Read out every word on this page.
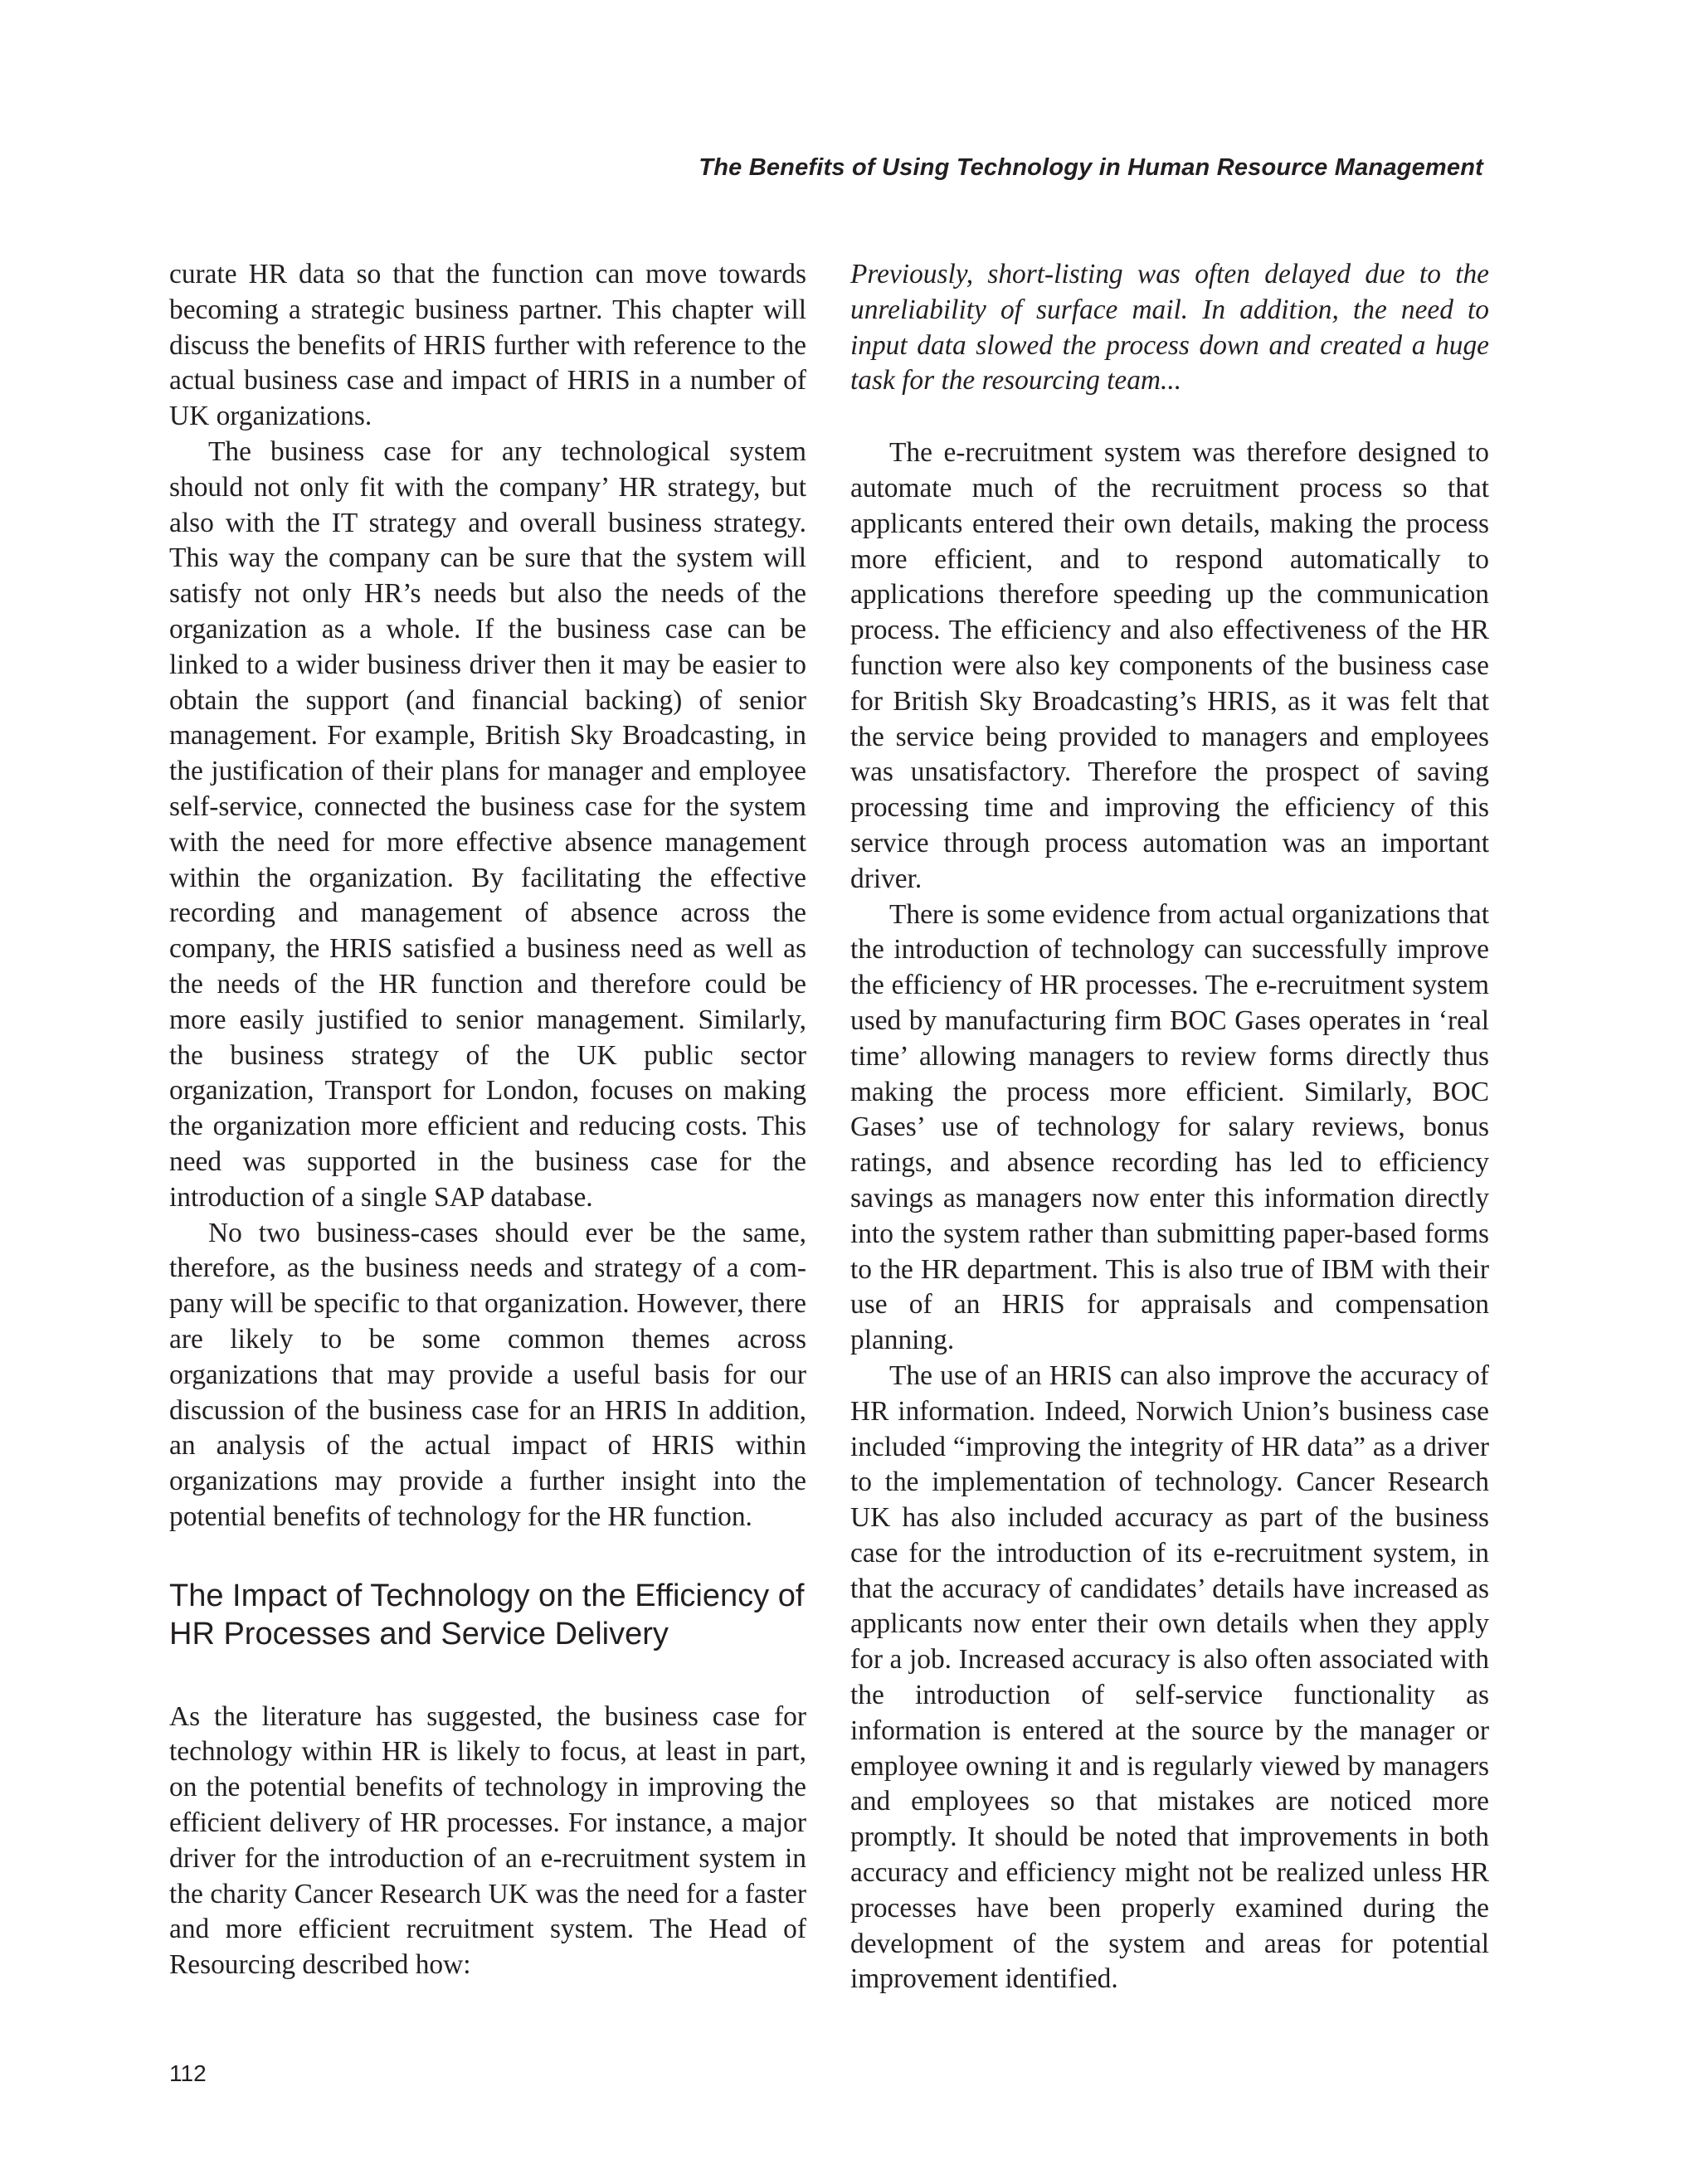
The Benefits of Using Technology in Human Resource Management

curate HR data so that the function can move towards becoming a strategic business partner. This chapter will discuss the benefits of HRIS further with reference to the actual business case and impact of HRIS in a number of UK organizations.

The business case for any technological system should not only fit with the company’ HR strategy, but also with the IT strategy and overall business strategy. This way the company can be sure that the system will satisfy not only HR’s needs but also the needs of the organization as a whole. If the business case can be linked to a wider business driver then it may be easier to obtain the support (and financial backing) of senior management. For example, British Sky Broadcasting, in the justification of their plans for manager and employee self-service, connected the business case for the system with the need for more effective absence management within the organization. By facilitating the effective recording and management of absence across the company, the HRIS satisfied a business need as well as the needs of the HR function and therefore could be more easily justified to senior management. Similarly, the business strategy of the UK public sector organization, Transport for London, focuses on making the organization more efficient and reducing costs. This need was supported in the business case for the introduction of a single SAP database.

No two business-cases should ever be the same, therefore, as the business needs and strategy of a company will be specific to that organization. However, there are likely to be some common themes across organizations that may provide a useful basis for our discussion of the business case for an HRIS In addition, an analysis of the actual impact of HRIS within organizations may provide a further insight into the potential benefits of technology for the HR function.

The Impact of Technology on the Efficiency of HR Processes and Service Delivery

As the literature has suggested, the business case for technology within HR is likely to focus, at least in part, on the potential benefits of technology in improving the efficient delivery of HR processes. For instance, a major driver for the introduction of an e-recruitment system in the charity Cancer Research UK was the need for a faster and more efficient recruitment system. The Head of Resourcing described how:

Previously, short-listing was often delayed due to the unreliability of surface mail. In addition, the need to input data slowed the process down and created a huge task for the resourcing team...

The e-recruitment system was therefore designed to automate much of the recruitment process so that applicants entered their own details, making the process more efficient, and to respond automatically to applications therefore speeding up the communication process. The efficiency and also effectiveness of the HR function were also key components of the business case for British Sky Broadcasting’s HRIS, as it was felt that the service being provided to managers and employees was unsatisfactory. Therefore the prospect of saving processing time and improving the efficiency of this service through process automation was an important driver.

There is some evidence from actual organizations that the introduction of technology can successfully improve the efficiency of HR processes. The e-recruitment system used by manufacturing firm BOC Gases operates in ‘real time’ allowing managers to review forms directly thus making the process more efficient. Similarly, BOC Gases’ use of technology for salary reviews, bonus ratings, and absence recording has led to efficiency savings as managers now enter this information directly into the system rather than submitting paper-based forms to the HR department. This is also true of IBM with their use of an HRIS for appraisals and compensation planning.

The use of an HRIS can also improve the accuracy of HR information. Indeed, Norwich Union’s business case included “improving the integrity of HR data” as a driver to the implementation of technology. Cancer Research UK has also included accuracy as part of the business case for the introduction of its e-recruitment system, in that the accuracy of candidates’ details have increased as applicants now enter their own details when they apply for a job. Increased accuracy is also often associated with the introduction of self-service functionality as information is entered at the source by the manager or employee owning it and is regularly viewed by managers and employees so that mistakes are noticed more promptly. It should be noted that improvements in both accuracy and efficiency might not be realized unless HR processes have been properly examined during the development of the system and areas for potential improvement identified.

112
